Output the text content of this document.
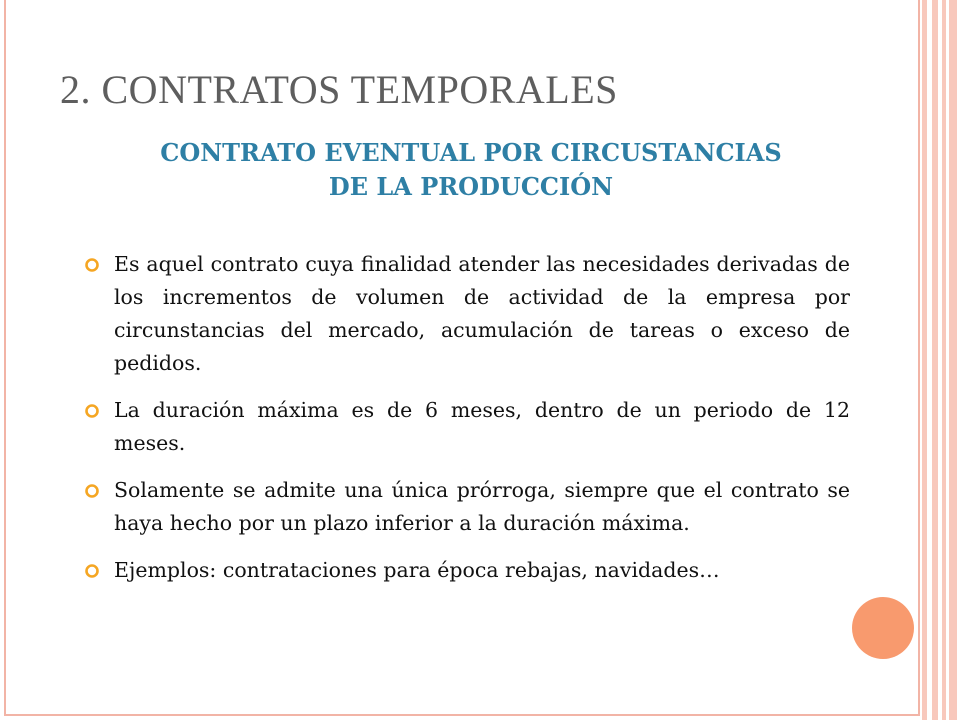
2. CONTRATOS TEMPORALES
CONTRATO EVENTUAL POR CIRCUSTANCIAS
DE LA PRODUCCIÓN
Es aquel contrato cuya finalidad atender las necesidades derivadas de los incrementos de volumen de actividad de la empresa por circunstancias del mercado, acumulación de tareas o exceso de pedidos.
La duración máxima es de 6 meses, dentro de un periodo de 12 meses.
Solamente se admite una única prórroga, siempre que el contrato se haya hecho por un plazo inferior a la duración máxima.
Ejemplos: contrataciones para época rebajas, navidades…
